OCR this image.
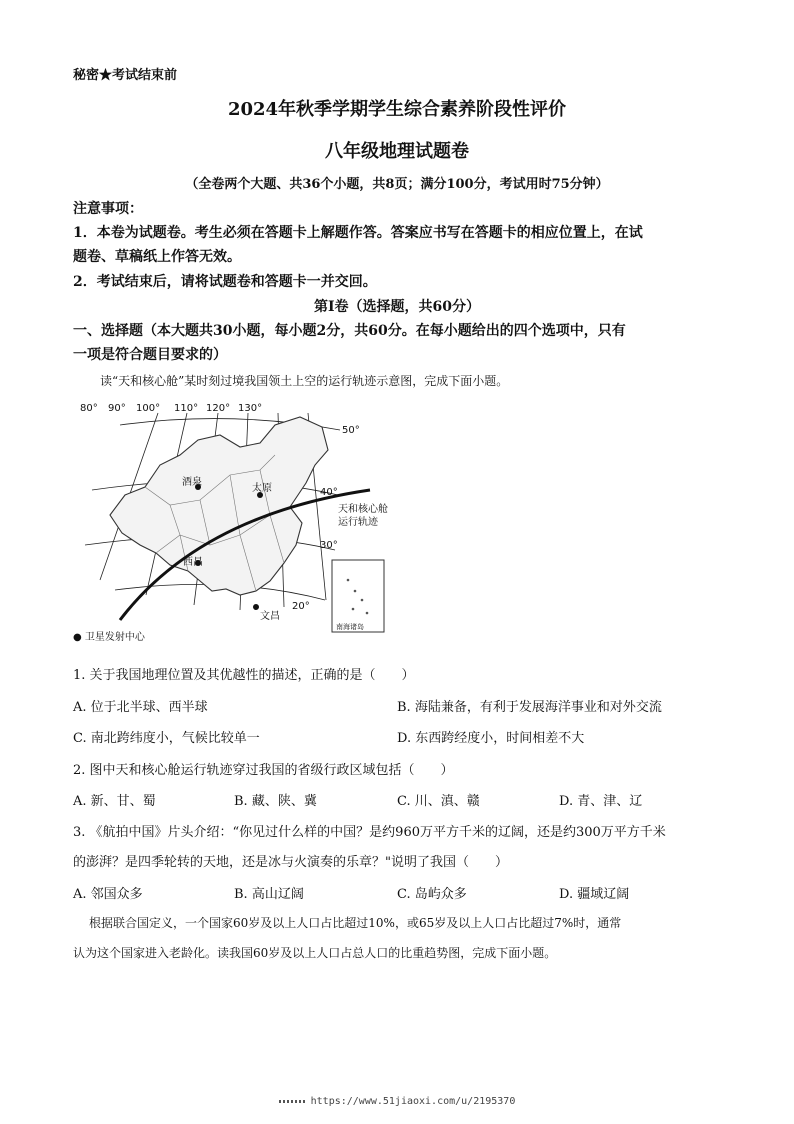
秘密★考试结束前
2024年秋季学期学生综合素养阶段性评价
八年级地理试题卷
（全卷两个大题、共36个小题，共8页；满分100分，考试用时75分钟）
注意事项：
1．本卷为试题卷。考生必须在答题卡上解题作答。答案应书写在答题卡的相应位置上，在试
题卷、草稿纸上作答无效。
2．考试结束后，请将试题卷和答题卡一并交回。
第Ⅰ卷（选择题，共60分）
一、选择题（本大题共30小题，每小题2分，共60分。在每小题给出的四个选项中，只有
一项是符合题目要求的）
读“天和核心舱”某时刻过境我国领土上空的运行轨迹示意图，完成下面小题。
80° 90° 100° 110° 120° 130°
50°
40°
30°
20°
酒泉
太原
西昌
文昌
天和核心舱
运行轨迹
南海诸岛
● 卫星发射中心
1. 关于我国地理位置及其优越性的描述，正确的是（　　）
A. 位于北半球、西半球	B. 海陆兼备，有利于发展海洋事业和对外交流
C. 南北跨纬度小，气候比较单一	D. 东西跨经度小，时间相差不大
2. 图中天和核心舱运行轨迹穿过我国的省级行政区域包括（　　）
A. 新、甘、蜀	B. 藏、陕、冀	C. 川、滇、赣	D. 青、津、辽
3. 《航拍中国》片头介绍：“你见过什么样的中国？是约960万平方千米的辽阔，还是约300万平方千米
的澎湃？是四季轮转的天地，还是冰与火演奏的乐章？"说明了我国（　　）
A. 邻国众多	B. 高山辽阔	C. 岛屿众多	D. 疆域辽阔
根据联合国定义，一个国家60岁及以上人口占比超过10%，或65岁及以上人口占比超过7%时，通常
认为这个国家进入老龄化。读我国60岁及以上人口占总人口的比重趋势图，完成下面小题。
https://www.51jiaoxi.com/u/2195370
